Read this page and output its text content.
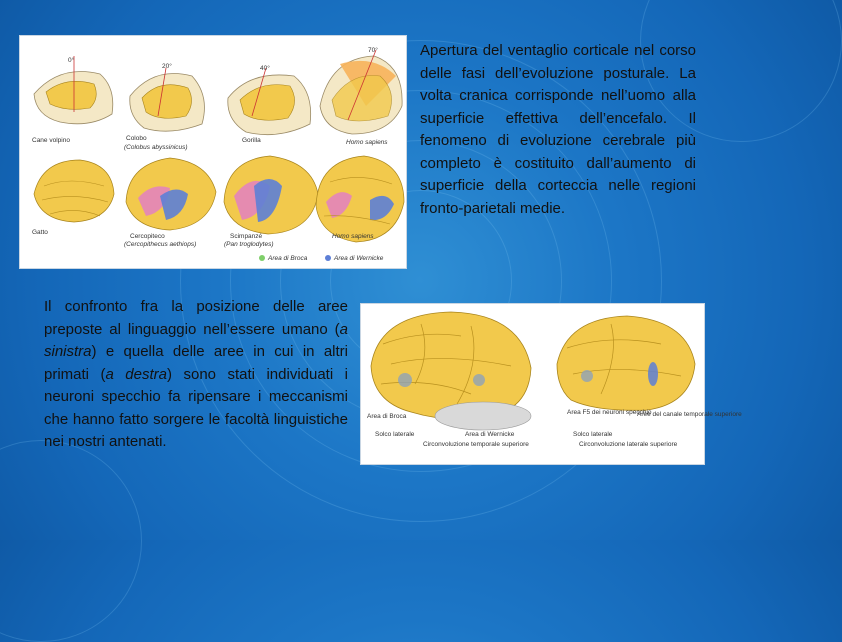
0°
20°	40°
70°
Cane volpino	Colobo
(Colobus abyssinicus)
Gorilla	Homo sapiens
Gatto
Cercopiteco
(Cercopithecus aethiops)
Scimpanzé
(Pan troglodytes)
Homo sapiens
Area di Broca	Area di Wernicke
Apertura del ventaglio corticale nel corso delle fasi dell’evoluzione posturale. La volta cranica corrisponde nell’uomo alla superficie effettiva dell’encefalo. Il fenomeno di evoluzione cerebrale più completo è costituito dall’aumento di superficie della corteccia nelle regioni fronto-parietali medie.
Il confronto fra la posizione delle aree preposte al linguaggio nell’essere umano (a sinistra) e quella delle aree in cui in altri primati (a destra) sono stati individuati i neuroni specchio fa ripensare i meccanismi che hanno fatto sorgere le facoltà linguistiche nei nostri antenati.
Area di Broca
Solco laterale	Area di Wernicke
Circonvoluzione temporale superiore
Area F5 dei neuroni specchio
Solco laterale
Aree del canale temporale superiore
Circonvoluzione laterale superiore
